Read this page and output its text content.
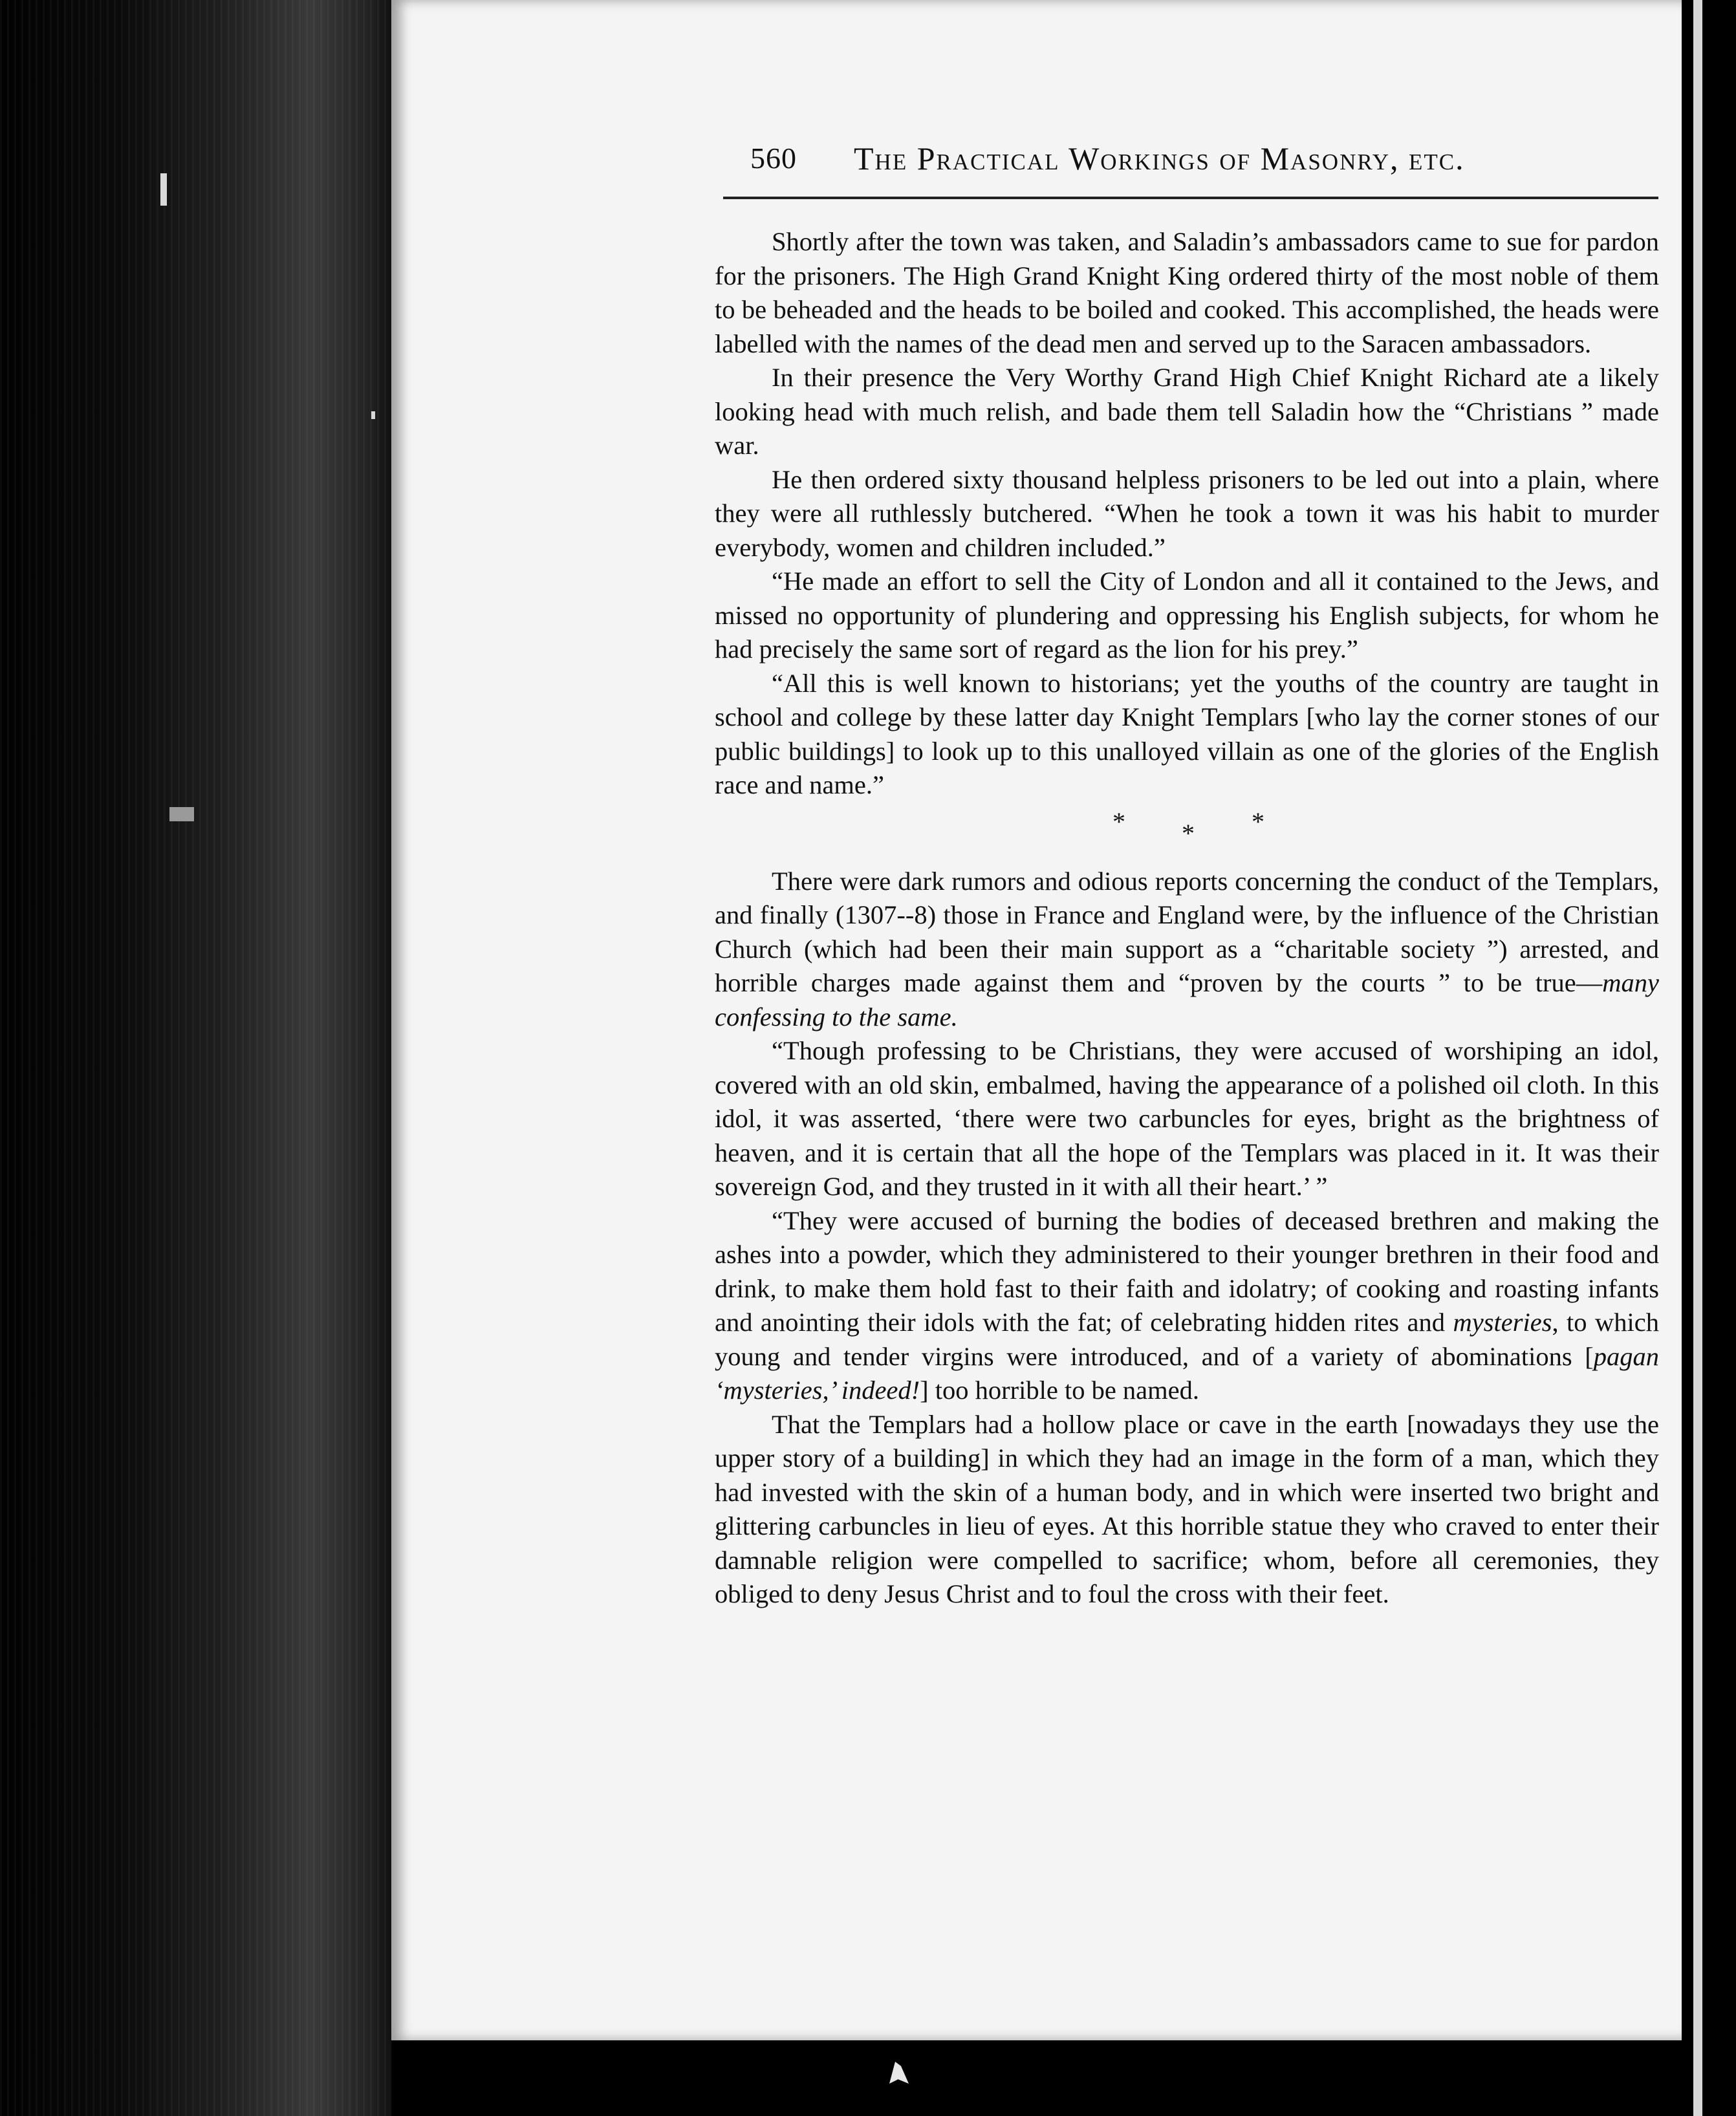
560 The Practical Workings of Masonry, etc.

Shortly after the town was taken, and Saladin’s ambassadors came to sue for pardon for the prisoners. The High Grand Knight King ordered thirty of the most noble of them to be beheaded and the heads to be boiled and cooked. This accomplished, the heads were labelled with the names of the dead men and served up to the Saracen ambassadors.

In their presence the Very Worthy Grand High Chief Knight Richard ate a likely looking head with much relish, and bade them tell Saladin how the “Christians ” made war.

He then ordered sixty thousand helpless prisoners to be led out into a plain, where they were all ruthlessly butchered. “When he took a town it was his habit to murder everybody, women and children included.”

“He made an effort to sell the City of London and all it contained to the Jews, and missed no opportunity of plundering and oppressing his English subjects, for whom he had precisely the same sort of regard as the lion for his prey.”

“All this is well known to historians; yet the youths of the country are taught in school and college by these latter day Knight Templars [who lay the corner stones of our public buildings] to look up to this unalloyed villain as one of the glories of the English race and name.”

* * *

There were dark rumors and odious reports concerning the conduct of the Templars, and finally (1307--8) those in France and England were, by the influence of the Christian Church (which had been their main support as a “charitable society ”) arrested, and horrible charges made against them and “proven by the courts ” to be true—many confessing to the same.

“Though professing to be Christians, they were accused of worshiping an idol, covered with an old skin, embalmed, having the appearance of a polished oil cloth. In this idol, it was asserted, ‘there were two carbuncles for eyes, bright as the brightness of heaven, and it is certain that all the hope of the Templars was placed in it. It was their sovereign God, and they trusted in it with all their heart.’ ”

“They were accused of burning the bodies of deceased brethren and making the ashes into a powder, which they administered to their younger brethren in their food and drink, to make them hold fast to their faith and idolatry; of cooking and roasting infants and anointing their idols with the fat; of celebrating hidden rites and mysteries, to which young and tender virgins were introduced, and of a variety of abominations [pagan ‘mysteries,’ indeed!] too horrible to be named.

That the Templars had a hollow place or cave in the earth [nowadays they use the upper story of a building] in which they had an image in the form of a man, which they had invested with the skin of a human body, and in which were inserted two bright and glittering carbuncles in lieu of eyes. At this horrible statue they who craved to enter their damnable religion were compelled to sacrifice; whom, before all ceremonies, they obliged to deny Jesus Christ and to foul the cross with their feet.
